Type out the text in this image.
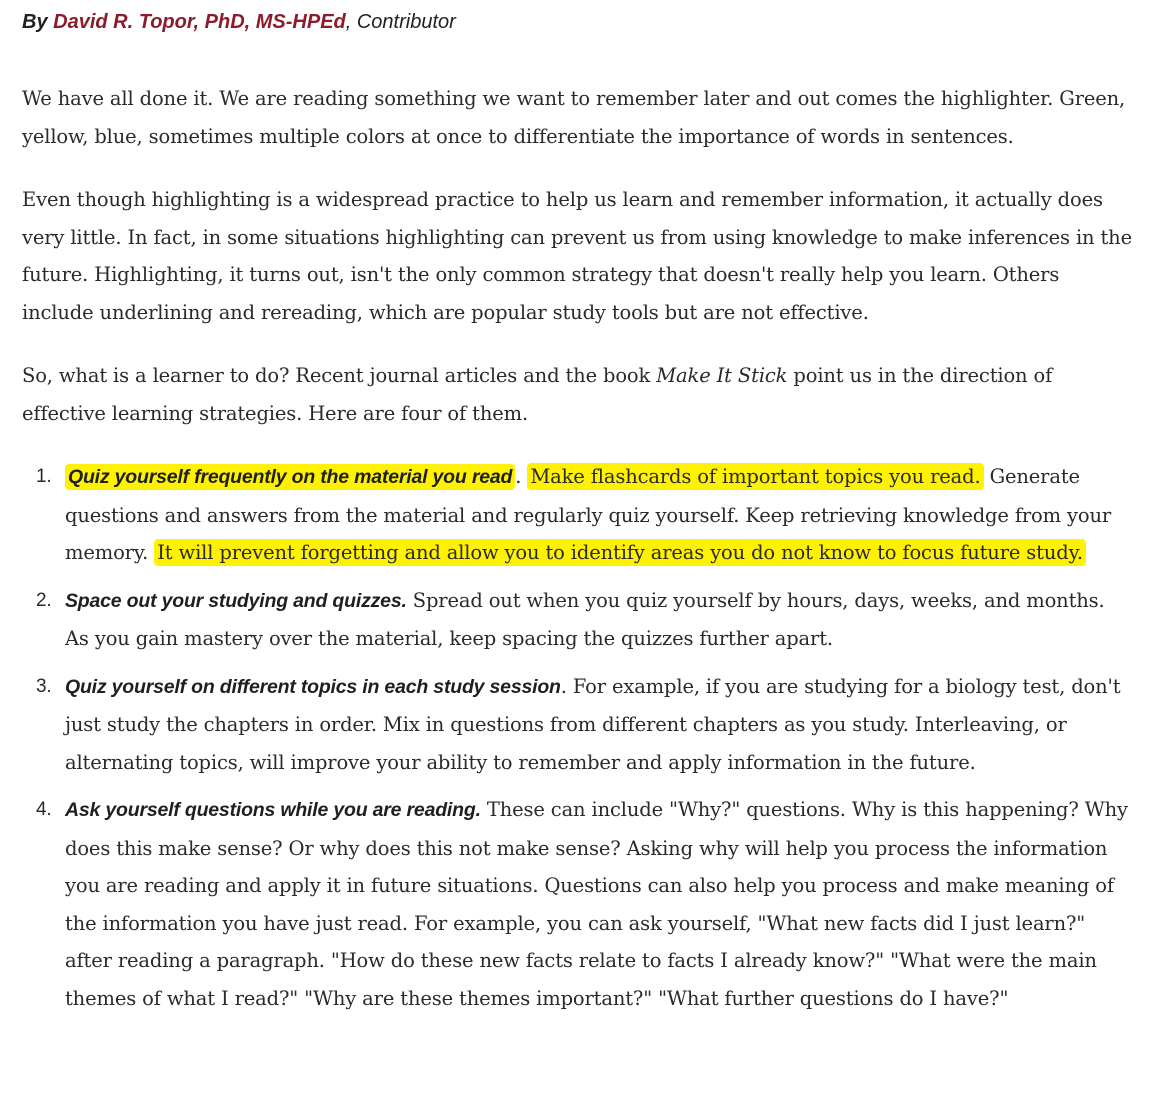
By David R. Topor, PhD, MS-HPEd, Contributor

We have all done it. We are reading something we want to remember later and out comes the highlighter. Green, yellow, blue, sometimes multiple colors at once to differentiate the importance of words in sentences.

Even though highlighting is a widespread practice to help us learn and remember information, it actually does very little. In fact, in some situations highlighting can prevent us from using knowledge to make inferences in the future. Highlighting, it turns out, isn't the only common strategy that doesn't really help you learn. Others include underlining and rereading, which are popular study tools but are not effective.

So, what is a learner to do? Recent journal articles and the book Make It Stick point us in the direction of effective learning strategies. Here are four of them.

1. Quiz yourself frequently on the material you read . Make flashcards of important topics you read. Generate questions and answers from the material and regularly quiz yourself. Keep retrieving knowledge from your memory. It will prevent forgetting and allow you to identify areas you do not know to focus future study.
2. Space out your studying and quizzes. Spread out when you quiz yourself by hours, days, weeks, and months. As you gain mastery over the material, keep spacing the quizzes further apart.
3. Quiz yourself on different topics in each study session. For example, if you are studying for a biology test, don't just study the chapters in order. Mix in questions from different chapters as you study. Interleaving, or alternating topics, will improve your ability to remember and apply information in the future.
4. Ask yourself questions while you are reading. These can include "Why?" questions. Why is this happening? Why does this make sense? Or why does this not make sense? Asking why will help you process the information you are reading and apply it in future situations. Questions can also help you process and make meaning of the information you have just read. For example, you can ask yourself, "What new facts did I just learn?" after reading a paragraph. "How do these new facts relate to facts I already know?" "What were the main themes of what I read?" "Why are these themes important?" "What further questions do I have?"
